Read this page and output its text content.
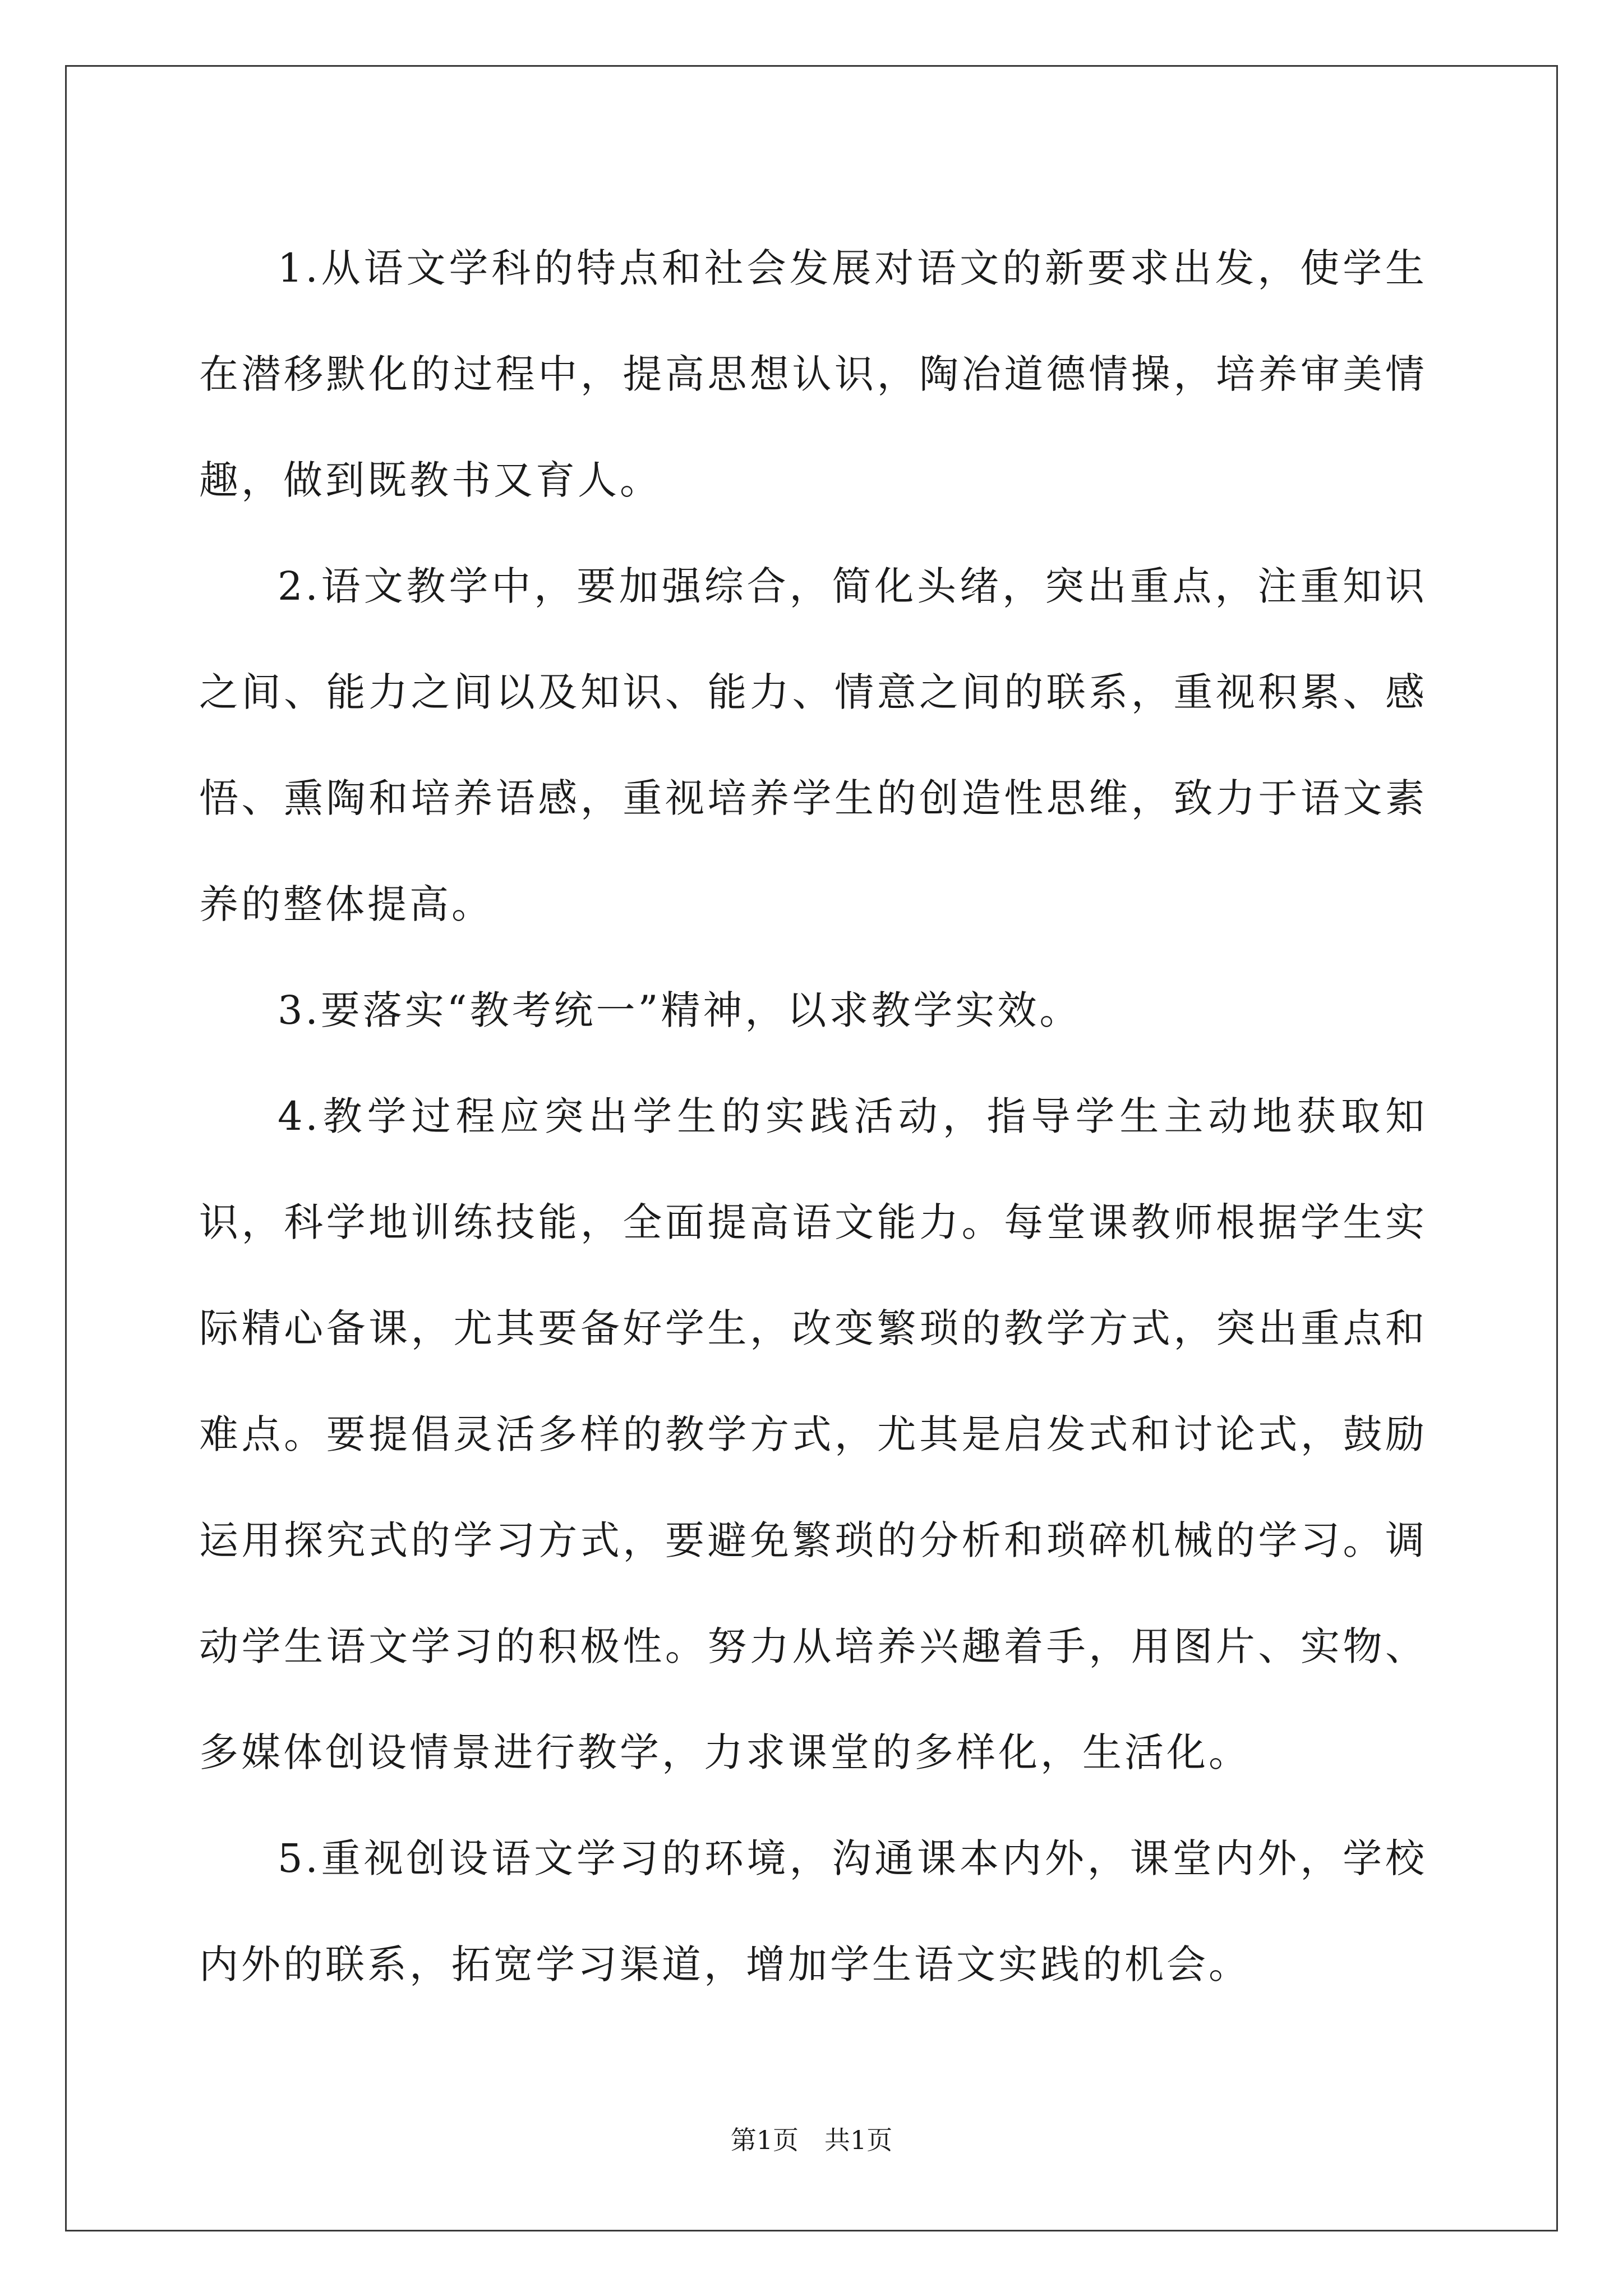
1.从语文学科的特点和社会发展对语文的新要求出发，使学生在潜移默化的过程中，提高思想认识，陶冶道德情操，培养审美情趣，做到既教书又育人。

2.语文教学中，要加强综合，简化头绪，突出重点，注重知识之间、能力之间以及知识、能力、情意之间的联系，重视积累、感悟、熏陶和培养语感，重视培养学生的创造性思维，致力于语文素养的整体提高。

3.要落实“教考统一”精神，以求教学实效。

4.教学过程应突出学生的实践活动，指导学生主动地获取知识，科学地训练技能，全面提高语文能力。每堂课教师根据学生实际精心备课，尤其要备好学生，改变繁琐的教学方式，突出重点和难点。要提倡灵活多样的教学方式，尤其是启发式和讨论式，鼓励运用探究式的学习方式，要避免繁琐的分析和琐碎机械的学习。调动学生语文学习的积极性。努力从培养兴趣着手，用图片、实物、多媒体创设情景进行教学，力求课堂的多样化，生活化。

5.重视创设语文学习的环境，沟通课本内外，课堂内外，学校内外的联系，拓宽学习渠道，增加学生语文实践的机会。

第1页　共1页
